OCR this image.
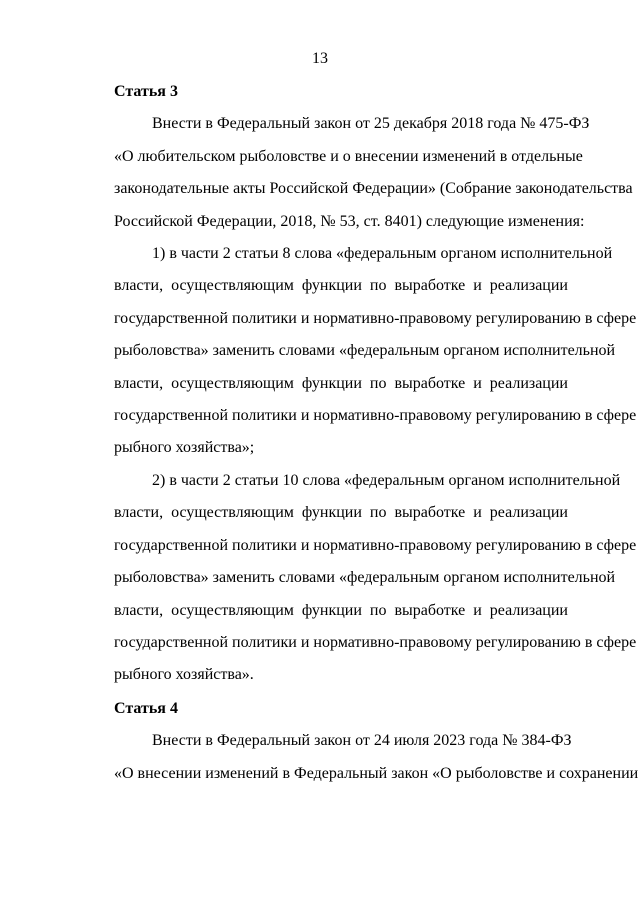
13
Статья 3
Внести в Федеральный закон от 25 декабря 2018 года № 475-ФЗ
«О любительском рыболовстве и о внесении изменений в отдельные
законодательные акты Российской Федерации» (Собрание законодательства
Российской Федерации, 2018, № 53, ст. 8401) следующие изменения:
1) в части 2 статьи 8 слова «федеральным органом исполнительной
власти, осуществляющим функции по выработке и реализации
государственной политики и нормативно-правовому регулированию в сфере
рыболовства» заменить словами «федеральным органом исполнительной
власти, осуществляющим функции по выработке и реализации
государственной политики и нормативно-правовому регулированию в сфере
рыбного хозяйства»;
2) в части 2 статьи 10 слова «федеральным органом исполнительной
власти, осуществляющим функции по выработке и реализации
государственной политики и нормативно-правовому регулированию в сфере
рыболовства» заменить словами «федеральным органом исполнительной
власти, осуществляющим функции по выработке и реализации
государственной политики и нормативно-правовому регулированию в сфере
рыбного хозяйства».
Статья 4
Внести в Федеральный закон от 24 июля 2023 года № 384-ФЗ
«О внесении изменений в Федеральный закон «О рыболовстве и сохранении
